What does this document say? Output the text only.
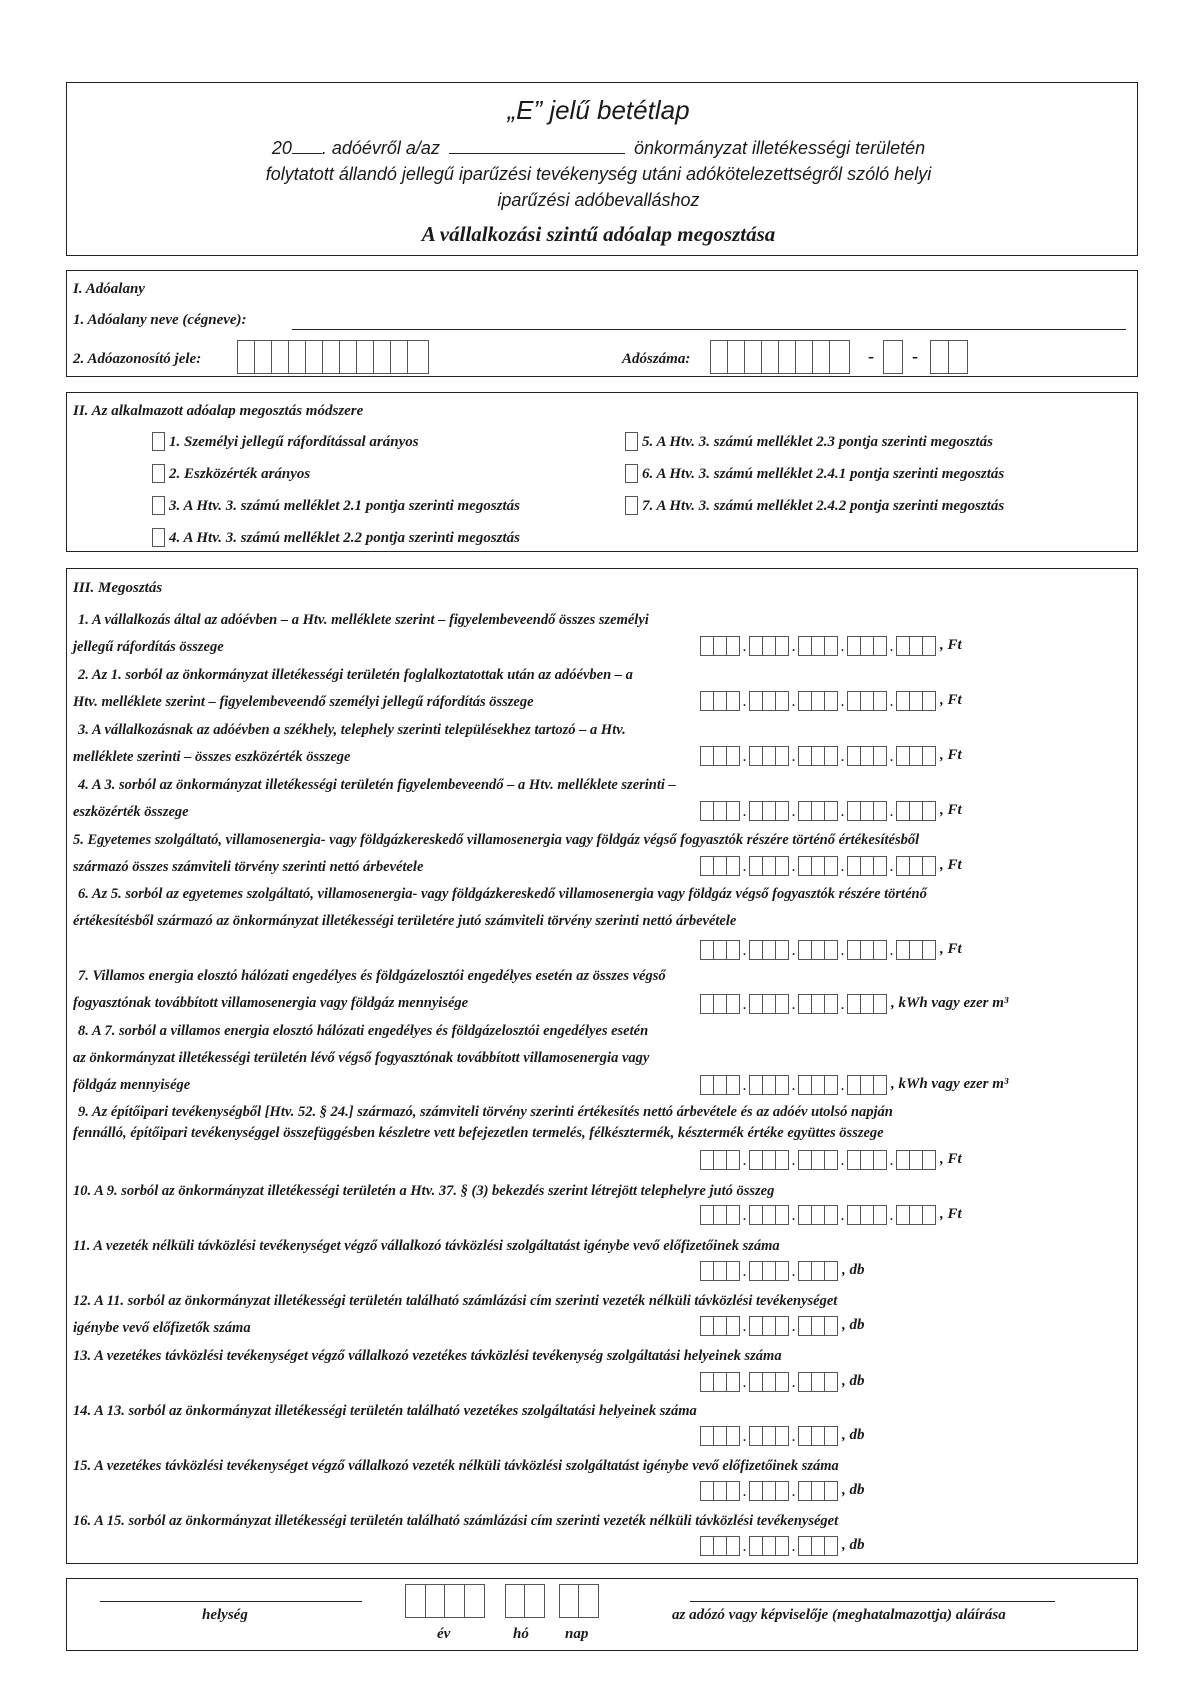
„E” jelű betétlap
20 . adóévről a/az	önkormányzat illetékességi területén
folytatott állandó jellegű iparűzési tevékenység utáni adókötelezettségről szóló helyi
iparűzési adóbevalláshoz
A vállalkozási szintű adóalap megosztása
I. Adóalany
1. Adóalany neve (cégneve):
2. Adóazonosító jele:	Adószáma:	- -
II. Az alkalmazott adóalap megosztás módszere
1. Személyi jellegű ráfordítással arányos
2. Eszközérték arányos
3. A Htv. 3. számú melléklet 2.1 pontja szerinti megosztás
4. A Htv. 3. számú melléklet 2.2 pontja szerinti megosztás
5. A Htv. 3. számú melléklet 2.3 pontja szerinti megosztás
6. A Htv. 3. számú melléklet 2.4.1 pontja szerinti megosztás
7. A Htv. 3. számú melléklet 2.4.2 pontja szerinti megosztás
III. Megosztás
1. A vállalkozás által az adóévben – a Htv. melléklete szerint – figyelembeveendő összes személyi
jellegű ráfordítás összege	.	.	.	.	, Ft
2. Az 1. sorból az önkormányzat illetékességi területén foglalkoztatottak után az adóévben – a
Htv. melléklete szerint – figyelembeveendő személyi jellegű ráfordítás összege	.	.	.	.	, Ft
3. A vállalkozásnak az adóévben a székhely, telephely szerinti településekhez tartozó – a Htv.
melléklete szerinti – összes eszközérték összege	.	.	.	.	, Ft
4. A 3. sorból az önkormányzat illetékességi területén figyelembeveendő – a Htv. melléklete szerinti –
eszközérték összege	.	.	.	.	, Ft
5. Egyetemes szolgáltató, villamosenergia- vagy földgázkereskedő villamosenergia vagy földgáz végső fogyasztók részére történő értékesítésből
származó összes számviteli törvény szerinti nettó árbevétele	.	.	.	.	, Ft
6. Az 5. sorból az egyetemes szolgáltató, villamosenergia- vagy földgázkereskedő villamosenergia vagy földgáz végső fogyasztók részére történő
értékesítésből származó az önkormányzat illetékességi területére jutó számviteli törvény szerinti nettó árbevétele
.	.	.	.	, Ft
7. Villamos energia elosztó hálózati engedélyes és földgázelosztói engedélyes esetén az összes végső
fogyasztónak továbbított villamosenergia vagy földgáz mennyisége	.	.	.	, kWh vagy ezer m³
8. A 7. sorból a villamos energia elosztó hálózati engedélyes és földgázelosztói engedélyes esetén
az önkormányzat illetékességi területén lévő végső fogyasztónak továbbított villamosenergia vagy
földgáz mennyisége	.	.	.	, kWh vagy ezer m³
9. Az építőipari tevékenységből [Htv. 52. § 24.] származó, számviteli törvény szerinti értékesítés nettó árbevétele és az adóév utolsó napján
fennálló, építőipari tevékenységgel összefüggésben készletre vett befejezetlen termelés, félkésztermék, késztermék értéke együttes összege
.	.	.	.	, Ft
10. A 9. sorból az önkormányzat illetékességi területén a Htv. 37. § (3) bekezdés szerint létrejött telephelyre jutó összeg
.	.	.	.	, Ft
11. A vezeték nélküli távközlési tevékenységet végző vállalkozó távközlési szolgáltatást igénybe vevő előfizetőinek száma
.	.	, db
12. A 11. sorból az önkormányzat illetékességi területén található számlázási cím szerinti vezeték nélküli távközlési tevékenységet
igénybe vevő előfizetők száma	.	.	, db
13. A vezetékes távközlési tevékenységet végző vállalkozó vezetékes távközlési tevékenység szolgáltatási helyeinek száma
.	.	, db
14. A 13. sorból az önkormányzat illetékességi területén található vezetékes szolgáltatási helyeinek száma
.	.	, db
15. A vezetékes távközlési tevékenységet végző vállalkozó vezeték nélküli távközlési szolgáltatást igénybe vevő előfizetőinek száma
.	.	, db
16. A 15. sorból az önkormányzat illetékességi területén található számlázási cím szerinti vezeték nélküli távközlési tevékenységet
.	.	, db
helység
év	hó nap
az adózó vagy képviselője (meghatalmazottja) aláírása
